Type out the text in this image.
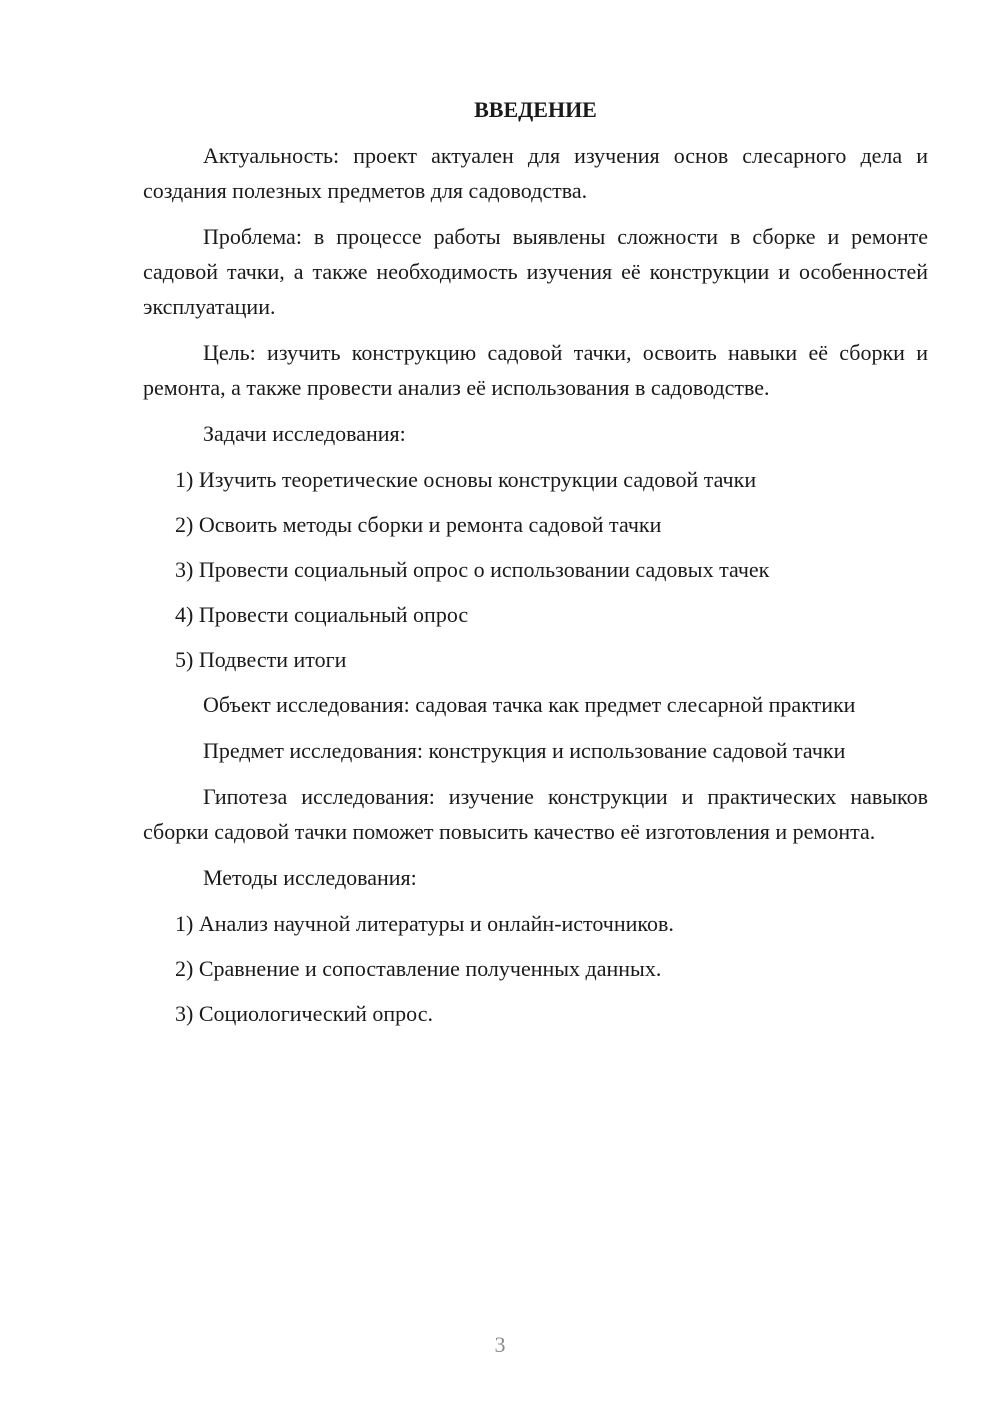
ВВЕДЕНИЕ
Актуальность: проект актуален для изучения основ слесарного дела и создания полезных предметов для садоводства.
Проблема: в процессе работы выявлены сложности в сборке и ремонте садовой тачки, а также необходимость изучения её конструкции и особенностей эксплуатации.
Цель: изучить конструкцию садовой тачки, освоить навыки её сборки и ремонта, а также провести анализ её использования в садоводстве.
Задачи исследования:
1) Изучить теоретические основы конструкции садовой тачки
2) Освоить методы сборки и ремонта садовой тачки
3) Провести социальный опрос о использовании садовых тачек
4) Провести социальный опрос
5) Подвести итоги
Объект исследования: садовая тачка как предмет слесарной практики
Предмет исследования: конструкция и использование садовой тачки
Гипотеза исследования: изучение конструкции и практических навыков сборки садовой тачки поможет повысить качество её изготовления и ремонта.
Методы исследования:
1) Анализ научной литературы и онлайн-источников.
2) Сравнение и сопоставление полученных данных.
3) Социологический опрос.
3
